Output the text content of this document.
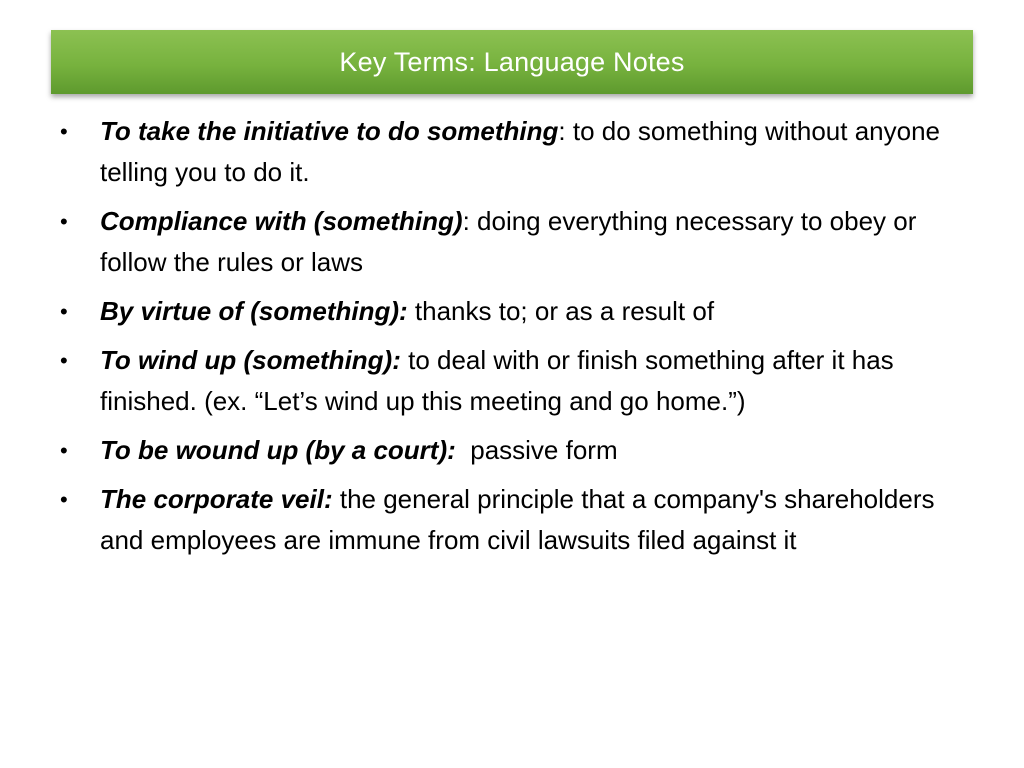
Key Terms: Language Notes
• To take the initiative to do something: to do something without anyone telling you to do it.
• Compliance with (something): doing everything necessary to obey or follow the rules or laws
• By virtue of (something): thanks to; or as a result of
• To wind up (something): to deal with or finish something after it has finished. (ex. “Let’s wind up this meeting and go home.”)
• To be wound up (by a court):  passive form
• The corporate veil: the general principle that a company's shareholders and employees are immune from civil lawsuits filed against it
